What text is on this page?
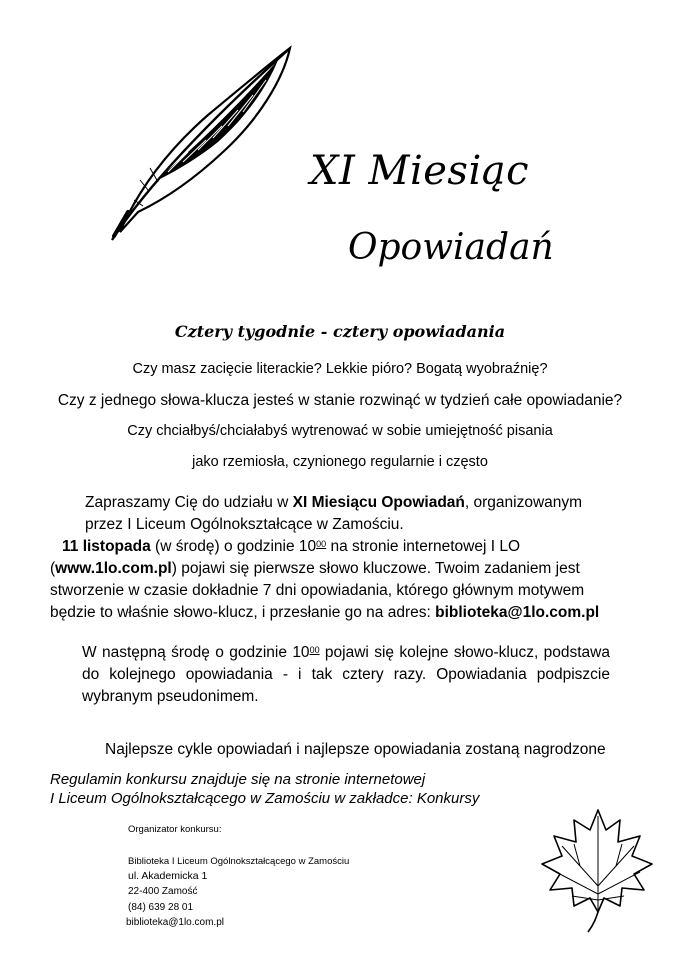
XI Miesiąc
Opowiadań
Cztery tygodnie - cztery opowiadania
Czy masz zacięcie literackie? Lekkie pióro? Bogatą wyobraźnię?
Czy z jednego słowa-klucza jesteś w stanie rozwinąć w tydzień całe opowiadanie?
Czy chciałbyś/chciałabyś wytrenować w sobie umiejętność pisania
jako rzemiosła, czynionego regularnie i często
Zapraszamy Cię do udziału w XI Miesiącu Opowiadań, organizowanym
przez I Liceum Ogólnokształcące w Zamościu.
11 listopada (w środę) o godzinie $10^{00}$ na stronie internetowej I LO
(www.1lo.com.pl) pojawi się pierwsze słowo kluczowe. Twoim zadaniem jest
stworzenie w czasie dokładnie 7 dni opowiadania, którego głównym motywem
będzie to właśnie słowo-klucz, i przesłanie go na adres: biblioteka@1lo.com.pl
W następną środę o godzinie $10^{00}$ pojawi się kolejne słowo-klucz, podstawa do kolejnego opowiadania - i tak cztery razy. Opowiadania podpiszcie wybranym pseudonimem.
Najlepsze cykle opowiadań i najlepsze opowiadania zostaną nagrodzone
Regulamin konkursu znajduje się na stronie internetowej
I Liceum Ogólnokształcącego w Zamościu w zakładce: Konkursy
Organizator konkursu:
Biblioteka I Liceum Ogólnokształcącego w Zamościu
ul. Akademicka 1
22-400 Zamość
(84) 639 28 01
biblioteka@1lo.com.pl
